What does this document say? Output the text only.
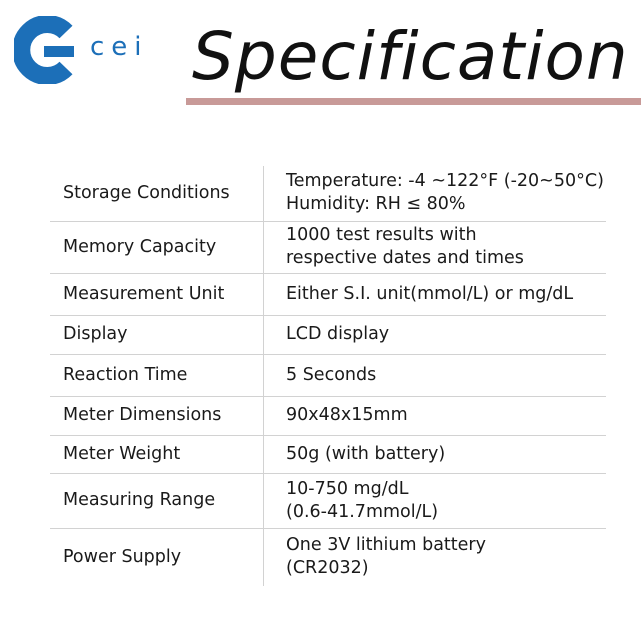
cei Specification
Storage Conditions	Temperature: -4 ~122°F (-20~50°C)
Humidity: RH ≤ 80%

Memory Capacity	1000 test results with
respective dates and times

Measurement Unit	Either S.I. unit(mmol/L) or mg/dL

Display	LCD display

Reaction Time	5 Seconds

Meter Dimensions	90x48x15mm

Meter Weight	50g (with battery)

Measuring Range	10-750 mg/dL
(0.6-41.7mmol/L)

Power Supply	One 3V lithium battery
(CR2032)
